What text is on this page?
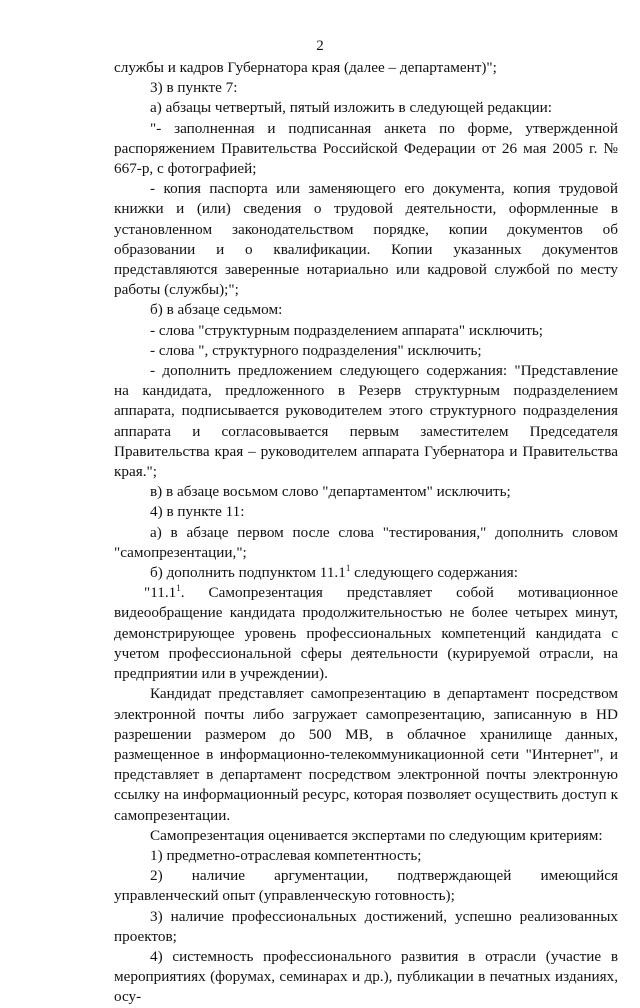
2

службы и кадров Губернатора края (далее – департамент)";

3) в пункте 7:

а) абзацы четвертый, пятый изложить в следующей редакции:

"- заполненная и подписанная анкета по форме, утвержденной распоряжением Правительства Российской Федерации от 26 мая 2005 г. № 667-р, с фотографией;

- копия паспорта или заменяющего его документа, копия трудовой книжки и (или) сведения о трудовой деятельности, оформленные в установленном законодательством порядке, копии документов об образовании и о квалификации. Копии указанных документов представляются заверенные нотариально или кадровой службой по месту работы (службы);";

б) в абзаце седьмом:

- слова "структурным подразделением аппарата" исключить;

- слова ", структурного подразделения" исключить;

- дополнить предложением следующего содержания: "Представление на кандидата, предложенного в Резерв структурным подразделением аппарата, подписывается руководителем этого структурного подразделения аппарата и согласовывается первым заместителем Председателя Правительства края – руководителем аппарата Губернатора и Правительства края.";

в) в абзаце восьмом слово "департаментом" исключить;

4) в пункте 11:

а) в абзаце первом после слова "тестирования," дополнить словом "самопрезентации,";

б) дополнить подпунктом 11.1$^1$ следующего содержания:

"11.1$^1$. Самопрезентация представляет собой мотивационное видеообращение кандидата продолжительностью не более четырех минут, демонстрирующее уровень профессиональных компетенций кандидата с учетом профессиональной сферы деятельности (курируемой отрасли, на предприятии или в учреждении).

Кандидат представляет самопрезентацию в департамент посредством электронной почты либо загружает самопрезентацию, записанную в HD разрешении размером до 500 MB, в облачное хранилище данных, размещенное в информационно-телекоммуникационной сети "Интернет", и представляет в департамент посредством электронной почты электронную ссылку на информационный ресурс, которая позволяет осуществить доступ к самопрезентации.

Самопрезентация оценивается экспертами по следующим критериям:

1) предметно-отраслевая компетентность;

2) наличие аргументации, подтверждающей имеющийся управленческий опыт (управленческую готовность);

3) наличие профессиональных достижений, успешно реализованных проектов;

4) системность профессионального развития в отрасли (участие в мероприятиях (форумах, семинарах и др.), публикации в печатных изданиях, осу-
